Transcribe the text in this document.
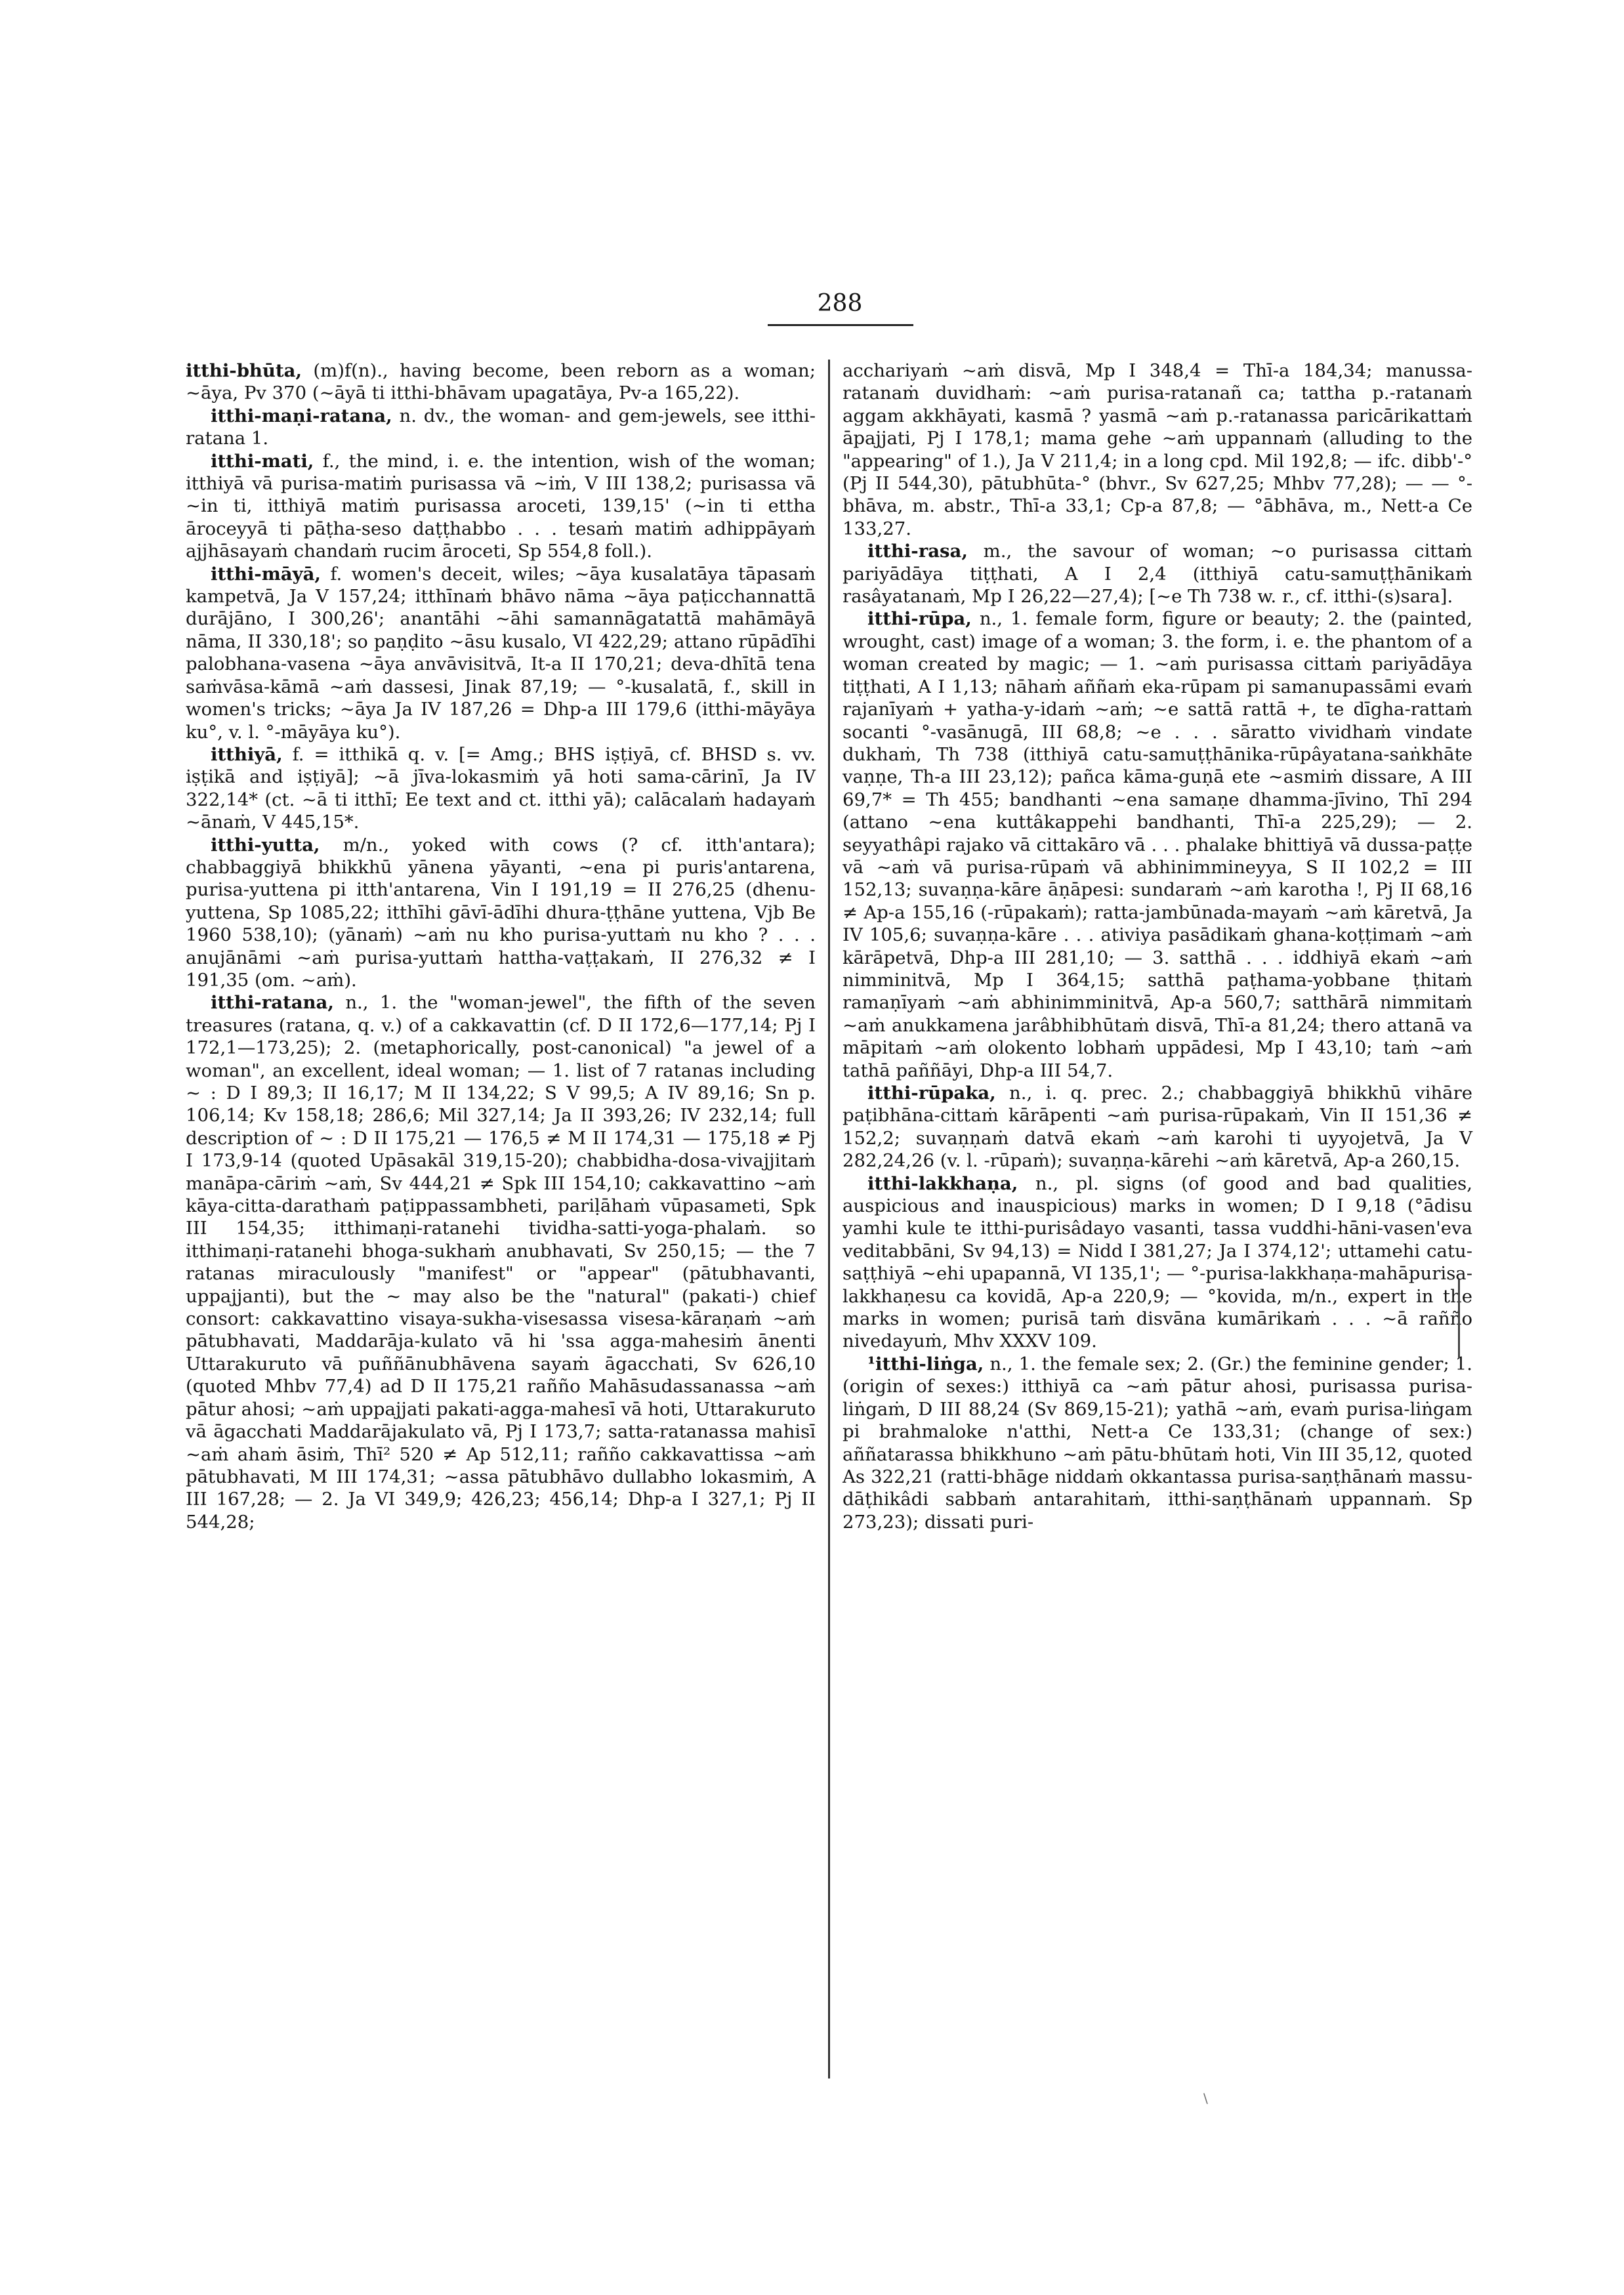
288

itthi-bhūta, (m)f(n)., having become, been reborn as a woman; ~āya, Pv 370 (~āyā ti itthi-bhāvam upagatāya, Pv-a 165,22).

itthi-maṇi-ratana, n. dv., the woman- and gem-jewels, see itthi-ratana 1.

itthi-mati, f., the mind, i. e. the intention, wish of the woman; itthiyā vā purisa-matiṁ purisassa vā ~iṁ, V III 138,2; purisassa vā ~in ti, itthiyā matiṁ purisassa aroceti, 139,15' (~in ti ettha āroceyyā ti pāṭha-seso daṭṭhabbo . . . tesaṁ matiṁ adhippāyaṁ ajjhāsayaṁ chandaṁ rucim āroceti, Sp 554,8 foll.).

itthi-māyā, f. women's deceit, wiles; ~āya kusalatāya tāpasaṁ kampetvā, Ja V 157,24; itthīnaṁ bhāvo nāma ~āya paṭicchannattā durājāno, I 300,26'; anantāhi ~āhi samannāgatattā mahāmāyā nāma, II 330,18'; so paṇḍito ~āsu kusalo, VI 422,29; attano rūpādīhi palobhana-vasena ~āya anvāvisitvā, It-a II 170,21; deva-dhītā tena saṁvāsa-kāmā ~aṁ dassesi, Jinak 87,19; — °-kusalatā, f., skill in women's tricks; ~āya Ja IV 187,26 = Dhp-a III 179,6 (itthi-māyāya ku°, v. l. °-māyāya ku°).

itthiyā, f. = itthikā q. v. [= Amg.; BHS iṣṭiyā, cf. BHSD s. vv. iṣṭikā and iṣṭiyā]; ~ā jīva-lokasmiṁ yā hoti sama-cārinī, Ja IV 322,14* (ct. ~ā ti itthī; Ee text and ct. itthi yā); calācalaṁ hadayaṁ ~ānaṁ, V 445,15*.

itthi-yutta, m/n., yoked with cows (? cf. itth'antara); chabbaggiyā bhikkhū yānena yāyanti, ~ena pi puris'antarena, purisa-yuttena pi itth'antarena, Vin I 191,19 = II 276,25 (dhenu-yuttena, Sp 1085,22; itthīhi gāvī-ādīhi dhura-ṭṭhāne yuttena, Vjb Be 1960 538,10); (yānaṁ) ~aṁ nu kho purisa-yuttaṁ nu kho ? . . . anujānāmi ~aṁ purisa-yuttaṁ hattha-vaṭṭakaṁ, II 276,32 ≠ I 191,35 (om. ~aṁ).

itthi-ratana, n., 1. the "woman-jewel", the fifth of the seven treasures (ratana, q. v.) of a cakkavattin (cf. D II 172,6—177,14; Pj I 172,1—173,25); 2. (metaphorically, post-canonical) "a jewel of a woman", an excellent, ideal woman; — 1. list of 7 ratanas including ~ : D I 89,3; II 16,17; M II 134,22; S V 99,5; A IV 89,16; Sn p. 106,14; Kv 158,18; 286,6; Mil 327,14; Ja II 393,26; IV 232,14; full description of ~ : D II 175,21 — 176,5 ≠ M II 174,31 — 175,18 ≠ Pj I 173,9-14 (quoted Upāsakāl 319,15-20); chabbidha-dosa-vivajjitaṁ manāpa-cāriṁ ~aṁ, Sv 444,21 ≠ Spk III 154,10; cakkavattino ~aṁ kāya-citta-darathaṁ paṭippassambheti, pariḷāhaṁ vūpasameti, Spk III 154,35; itthimaṇi-ratanehi tividha-satti-yoga-phalaṁ. so itthimaṇi-ratanehi bhoga-sukhaṁ anubhavati, Sv 250,15; — the 7 ratanas miraculously "manifest" or "appear" (pātubhavanti, uppajjanti), but the ~ may also be the "natural" (pakati-) chief consort: cakkavattino visaya-sukha-visesassa visesa-kāraṇaṁ ~aṁ pātubhavati, Maddarāja-kulato vā hi 'ssa agga-mahesiṁ ānenti Uttarakuruto vā puññānubhāvena sayaṁ āgacchati, Sv 626,10 (quoted Mhbv 77,4) ad D II 175,21 rañño Mahāsudassanassa ~aṁ pātur ahosi; ~aṁ uppajjati pakati-agga-mahesī vā hoti, Uttarakuruto vā āgacchati Maddarājakulato vā, Pj I 173,7; satta-ratanassa mahisī ~aṁ ahaṁ āsiṁ, Thī² 520 ≠ Ap 512,11; rañño cakkavattissa ~aṁ pātubhavati, M III 174,31; ~assa pātubhāvo dullabho lokasmiṁ, A III 167,28; — 2. Ja VI 349,9; 426,23; 456,14; Dhp-a I 327,1; Pj II 544,28;

acchariyaṁ ~aṁ disvā, Mp I 348,4 = Thī-a 184,34; manussa-ratanaṁ duvidhaṁ: ~aṁ purisa-ratanañ ca; tattha p.-ratanaṁ aggam akkhāyati, kasmā ? yasmā ~aṁ p.-ratanassa paricārikattaṁ āpajjati, Pj I 178,1; mama gehe ~aṁ uppannaṁ (alluding to the "appearing" of 1.), Ja V 211,4; in a long cpd. Mil 192,8; — ifc. dibb'-° (Pj II 544,30), pātubhūta-° (bhvr., Sv 627,25; Mhbv 77,28); — — °-bhāva, m. abstr., Thī-a 33,1; Cp-a 87,8; — °ābhāva, m., Nett-a Ce 133,27.

itthi-rasa, m., the savour of woman; ~o purisassa cittaṁ pariyādāya tiṭṭhati, A I 2,4 (itthiyā catu-samuṭṭhānikaṁ rasâyatanaṁ, Mp I 26,22—27,4); [~e Th 738 w. r., cf. itthi-(s)sara].

itthi-rūpa, n., 1. female form, figure or beauty; 2. the (painted, wrought, cast) image of a woman; 3. the form, i. e. the phantom of a woman created by magic; — 1. ~aṁ purisassa cittaṁ pariyādāya tiṭṭhati, A I 1,13; nāhaṁ aññaṁ eka-rūpam pi samanupassāmi evaṁ rajanīyaṁ + yatha-y-idaṁ ~aṁ; ~e sattā rattā +, te dīgha-rattaṁ socanti °-vasānugā, III 68,8; ~e . . . sāratto vividhaṁ vindate dukhaṁ, Th 738 (itthiyā catu-samuṭṭhānika-rūpâyatana-saṅkhāte vaṇṇe, Th-a III 23,12); pañca kāma-guṇā ete ~asmiṁ dissare, A III 69,7* = Th 455; bandhanti ~ena samaṇe dhamma-jīvino, Thī 294 (attano ~ena kuttâkappehi bandhanti, Thī-a 225,29); — 2. seyyathâpi rajako vā cittakāro vā . . . phalake bhittiyā vā dussa-paṭṭe vā ~aṁ vā purisa-rūpaṁ vā abhinimmineyya, S II 102,2 = III 152,13; suvaṇṇa-kāre āṇāpesi: sundaraṁ ~aṁ karotha !, Pj II 68,16 ≠ Ap-a 155,16 (-rūpakaṁ); ratta-jambūnada-mayaṁ ~aṁ kāretvā, Ja IV 105,6; suvaṇṇa-kāre . . . ativiya pasādikaṁ ghana-koṭṭimaṁ ~aṁ kārāpetvā, Dhp-a III 281,10; — 3. satthā . . . iddhiyā ekaṁ ~aṁ nimminitvā, Mp I 364,15; satthā paṭhama-yobbane ṭhitaṁ ramaṇīyaṁ ~aṁ abhinimminitvā, Ap-a 560,7; satthārā nimmitaṁ ~aṁ anukkamena jarâbhibhūtaṁ disvā, Thī-a 81,24; thero attanā va māpitaṁ ~aṁ olokento lobhaṁ uppādesi, Mp I 43,10; taṁ ~aṁ tathā paññāyi, Dhp-a III 54,7.

itthi-rūpaka, n., i. q. prec. 2.; chabbaggiyā bhikkhū vihāre paṭibhāna-cittaṁ kārāpenti ~aṁ purisa-rūpakaṁ, Vin II 151,36 ≠ 152,2; suvaṇṇaṁ datvā ekaṁ ~aṁ karohi ti uyyojetvā, Ja V 282,24,26 (v. l. -rūpaṁ); suvaṇṇa-kārehi ~aṁ kāretvā, Ap-a 260,15.

itthi-lakkhaṇa, n., pl. signs (of good and bad qualities, auspicious and inauspicious) marks in women; D I 9,18 (°ādisu yamhi kule te itthi-purisâdayo vasanti, tassa vuddhi-hāni-vasen'eva veditabbāni, Sv 94,13) = Nidd I 381,27; Ja I 374,12'; uttamehi catu-saṭṭhiyā ~ehi upapannā, VI 135,1'; — °-purisa-lakkhaṇa-mahāpurisa-lakkhaṇesu ca kovidā, Ap-a 220,9; — °kovida, m/n., expert in the marks in women; purisā taṁ disvāna kumārikaṁ . . . ~ā rañño nivedayuṁ, Mhv XXXV 109.

¹itthi-liṅga, n., 1. the female sex; 2. (Gr.) the feminine gender; 1. (origin of sexes:) itthiyā ca ~aṁ pātur ahosi, purisassa purisa-liṅgaṁ, D III 88,24 (Sv 869,15-21); yathā ~aṁ, evaṁ purisa-liṅgam pi brahmaloke n'atthi, Nett-a Ce 133,31; (change of sex:) aññatarassa bhikkhuno ~aṁ pātu-bhūtaṁ hoti, Vin III 35,12, quoted As 322,21 (ratti-bhāge niddaṁ okkantassa purisa-saṇṭhānaṁ massu-dāṭhikâdi sabbaṁ antarahitaṁ, itthi-saṇṭhānaṁ uppannaṁ. Sp 273,23); dissati puri-

\
